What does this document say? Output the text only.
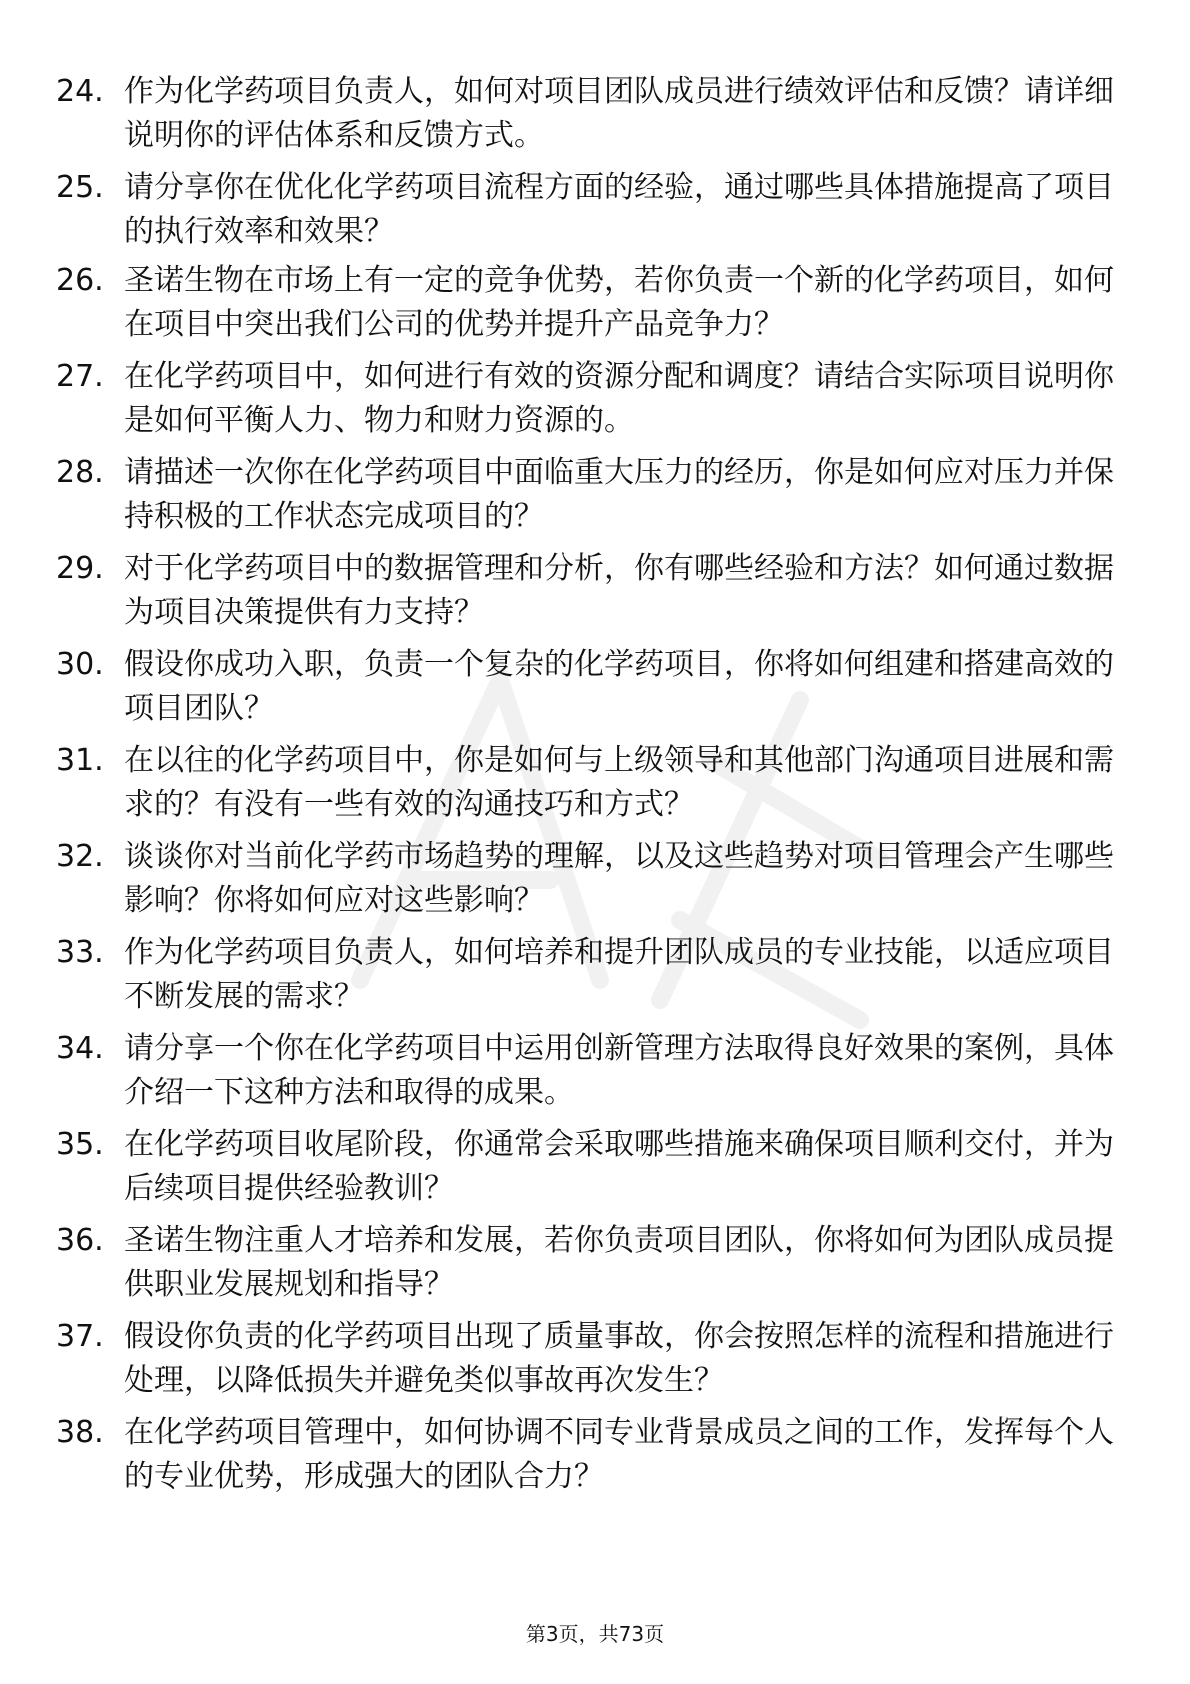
24. 作为化学药项目负责人，如何对项目团队成员进行绩效评估和反馈？请详细说明你的评估体系和反馈方式。

25. 请分享你在优化化学药项目流程方面的经验，通过哪些具体措施提高了项目的执行效率和效果？

26. 圣诺生物在市场上有一定的竞争优势，若你负责一个新的化学药项目，如何在项目中突出我们公司的优势并提升产品竞争力？

27. 在化学药项目中，如何进行有效的资源分配和调度？请结合实际项目说明你是如何平衡人力、物力和财力资源的。

28. 请描述一次你在化学药项目中面临重大压力的经历，你是如何应对压力并保持积极的工作状态完成项目的？

29. 对于化学药项目中的数据管理和分析，你有哪些经验和方法？如何通过数据为项目决策提供有力支持？

30. 假设你成功入职，负责一个复杂的化学药项目，你将如何组建和搭建高效的项目团队？

31. 在以往的化学药项目中，你是如何与上级领导和其他部门沟通项目进展和需求的？有没有一些有效的沟通技巧和方式？

32. 谈谈你对当前化学药市场趋势的理解，以及这些趋势对项目管理会产生哪些影响？你将如何应对这些影响？

33. 作为化学药项目负责人，如何培养和提升团队成员的专业技能，以适应项目不断发展的需求？

34. 请分享一个你在化学药项目中运用创新管理方法取得良好效果的案例，具体介绍一下这种方法和取得的成果。

35. 在化学药项目收尾阶段，你通常会采取哪些措施来确保项目顺利交付，并为后续项目提供经验教训？

36. 圣诺生物注重人才培养和发展，若你负责项目团队，你将如何为团队成员提供职业发展规划和指导？

37. 假设你负责的化学药项目出现了质量事故，你会按照怎样的流程和措施进行处理，以降低损失并避免类似事故再次发生？

38. 在化学药项目管理中，如何协调不同专业背景成员之间的工作，发挥每个人的专业优势，形成强大的团队合力？

第3页，共73页
